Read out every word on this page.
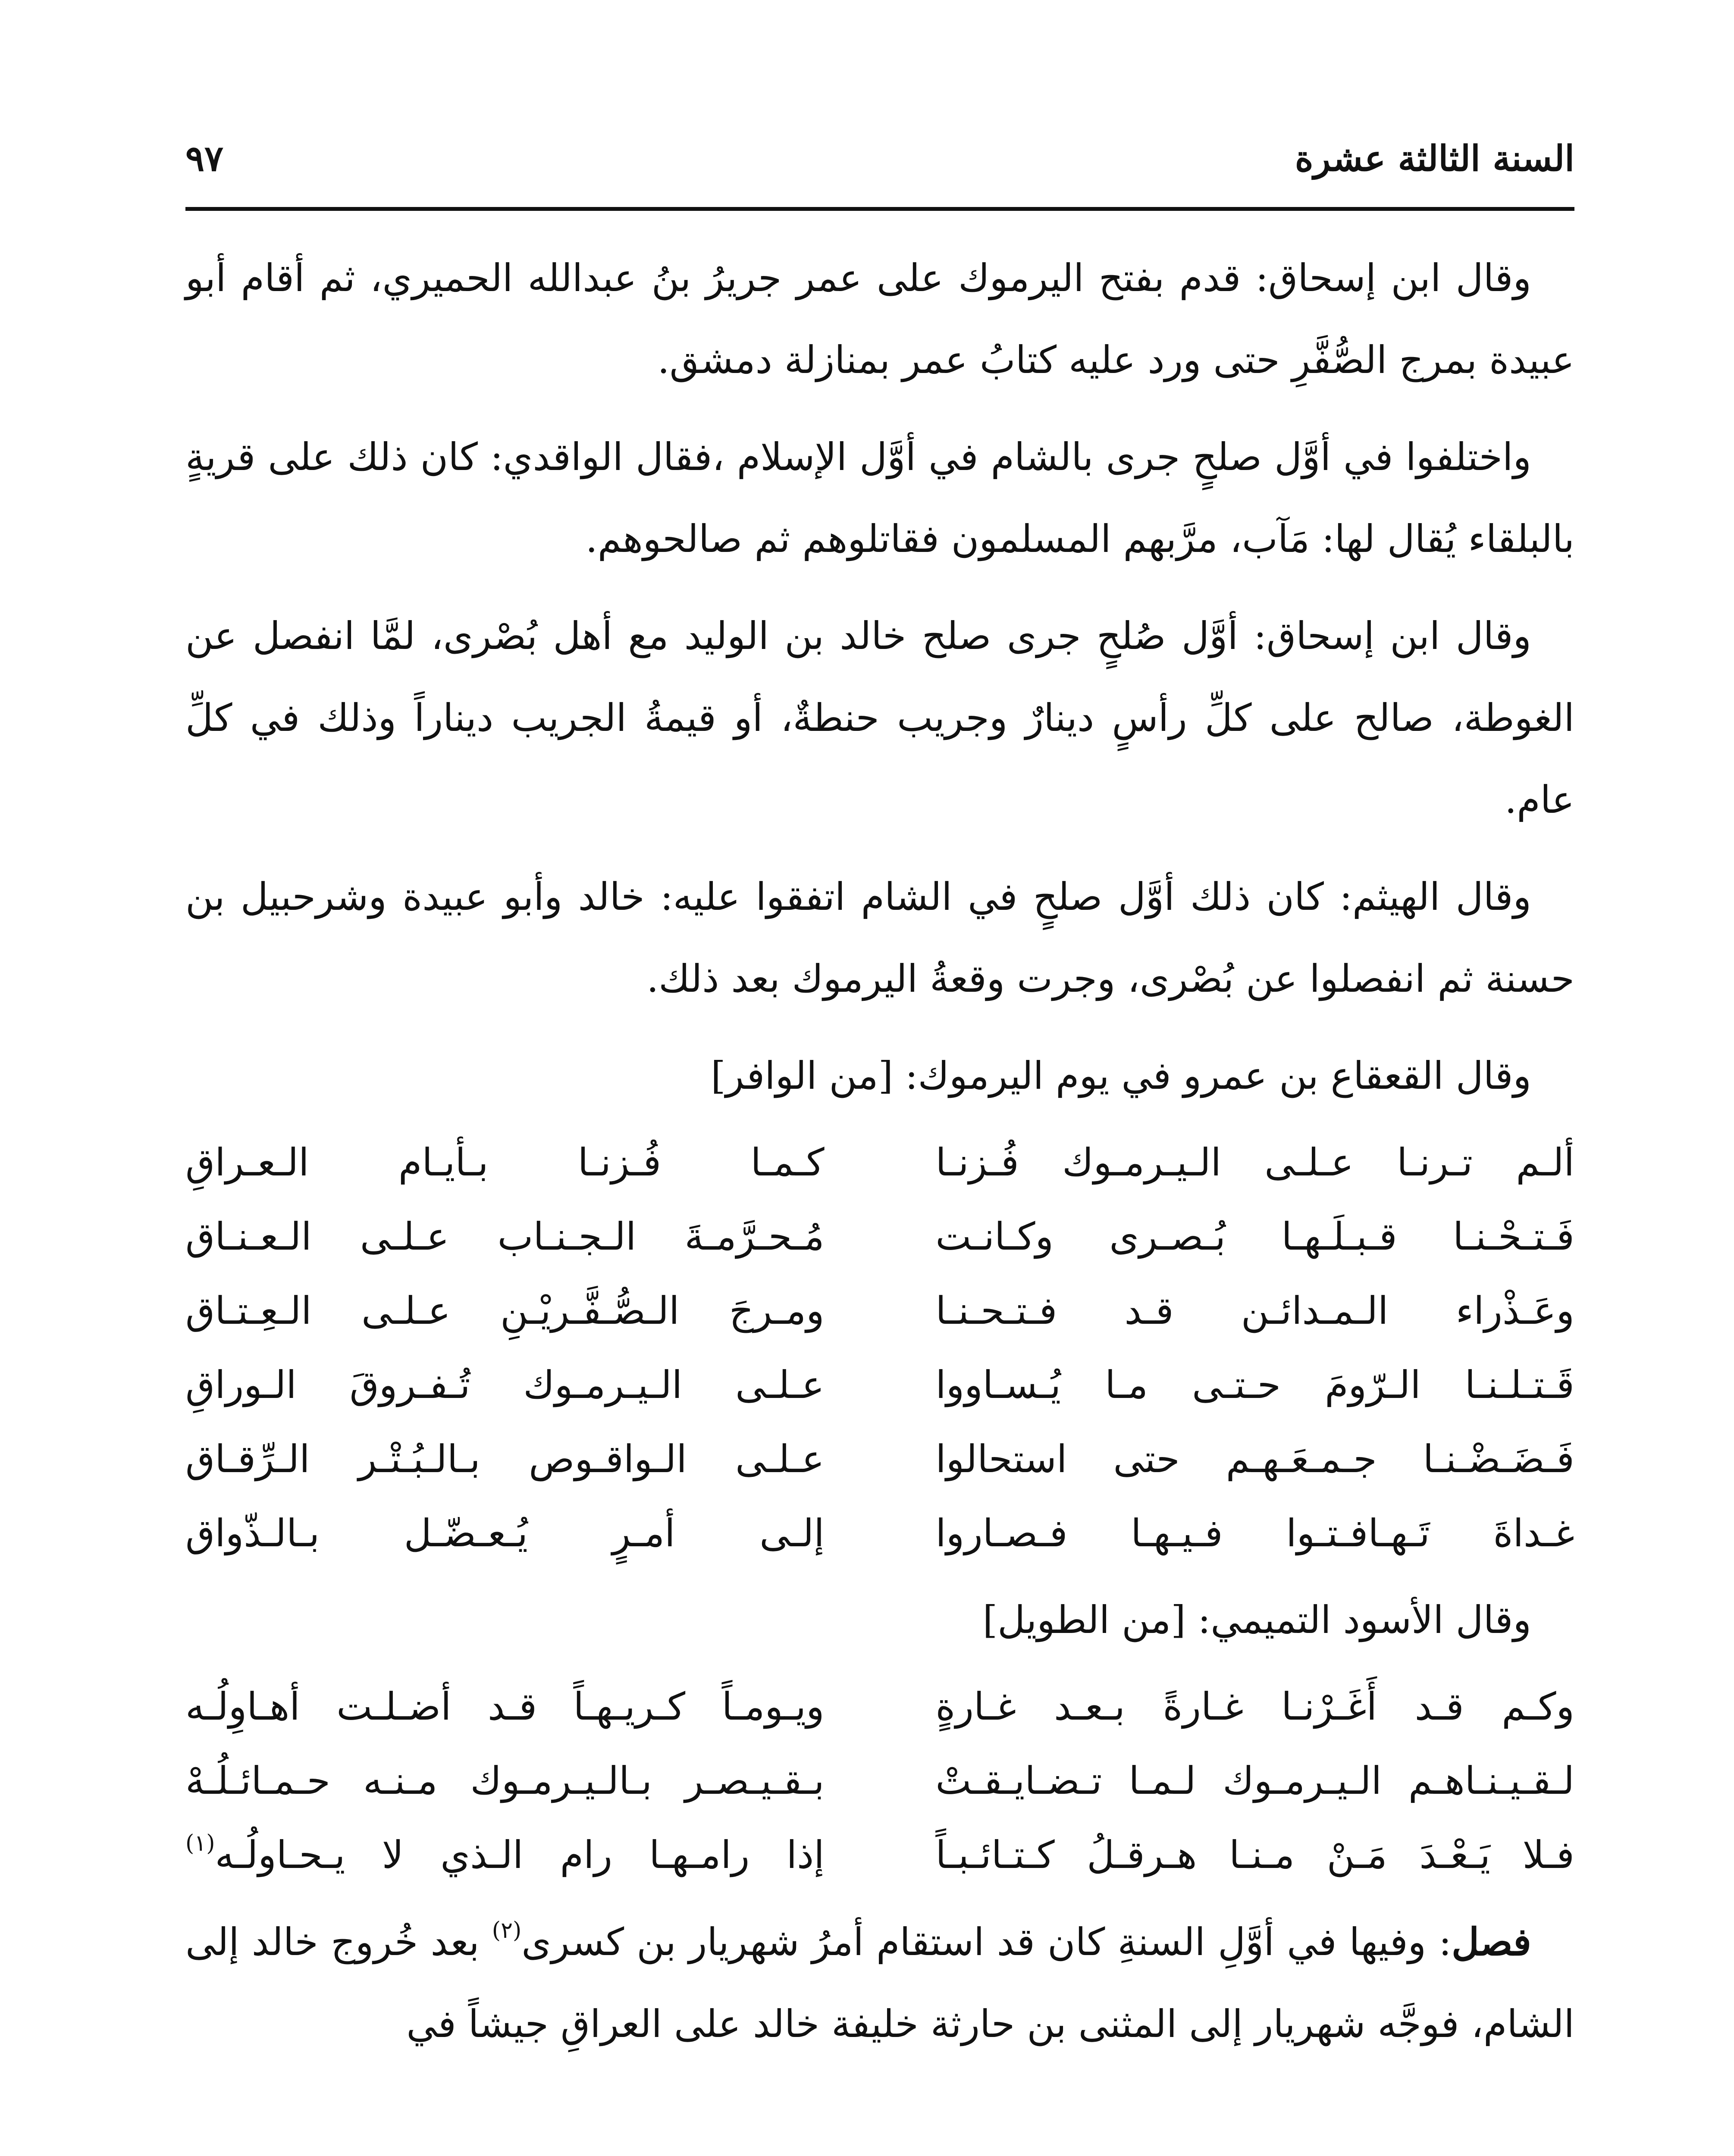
السنة الثالثة عشرة
٩٧

وقال ابن إسحاق: قدم بفتح اليرموك على عمر جريرُ بنُ عبدالله الحميري، ثم أقام أبو عبيدة بمرج الصُّفَّرِ حتى ورد عليه كتابُ عمر بمنازلة دمشق.

واختلفوا في أوَّل صلحٍ جرى بالشام في أوَّل الإسلام ،فقال الواقدي: كان ذلك على قريةٍ بالبلقاء يُقال لها: مَآب، مرَّبهم المسلمون فقاتلوهم ثم صالحوهم.

وقال ابن إسحاق: أوَّل صُلحٍ جرى صلح خالد بن الوليد مع أهل بُصْرى، لمَّا انفصل عن الغوطة، صالح على كلِّ رأسٍ دينارٌ وجريب حنطةٌ، أو قيمةُ الجريب ديناراً وذلك في كلِّ عام.

وقال الهيثم: كان ذلك أوَّل صلحٍ في الشام اتفقوا عليه: خالد وأبو عبيدة وشرحبيل بن حسنة ثم انفصلوا عن بُصْرى، وجرت وقعةُ اليرموك بعد ذلك.

وقال القعقاع بن عمرو في يوم اليرموك: [من الوافر]

ألـم تـرنـا عـلـى الـيـرمـوك فُـزنـا
كـمـا فُـزنـا بـأيـام الـعـراقِ
فَـتـحْـنـا قـبـلَـهـا بُـصـرى وكـانـت
مُـحـرَّمـةَ الـجـنـاب عـلـى الـعـنـاق
وعَـذْراء الـمـدائـن قـد فـتـحـنـا
ومـرجَ الـصُّـفَّـريْـنِ عـلـى الـعِـتـاق
قَـتـلـنـا الـرّومَ حـتـى مـا يُـسـاووا
عـلـى الـيـرمـوك تُـفـروقَ الـوراقِ
فَـضَـضْـنـا جـمـعَـهـم حتى استحالوا
عـلـى الـواقـوص بـالـبُـتْـر الـرِّقـاق
غـداةَ تَـهـافـتـوا فـيـهـا فـصـاروا
إلـى أمـرٍ يُـعـضّـل بـالـذّواق

وقال الأسود التميمي: [من الطويل]

وكـم قـد أَغَـرْنـا غـارةً بـعـد غـارةٍ
ويـومـاً كـريـهـاً قـد أضـلـت أهـاوِلُـه
لـقـيـنـاهـم الـيـرمـوك لـمـا تـضـايـقـتْ
بـقـيـصـر بـالـيـرمـوك مـنـه حـمـائـلُـهْ
فـلا يَـعْـدَ مَـنْ مـنـا هـرقـلُ كـتـائـبـاً
إذا رامـهـا رام الـذي لا يـحـاولُـه$^{(١)}$

فصل: وفيها في أوَّلِ السنةِ كان قد استقام أمرُ شهريار بن كسرى$^{(٢)}$ بعد خُروج خالد إلى الشام، فوجَّه شهريار إلى المثنى بن حارثة خليفة خالد على العراقِ جيشاً في
